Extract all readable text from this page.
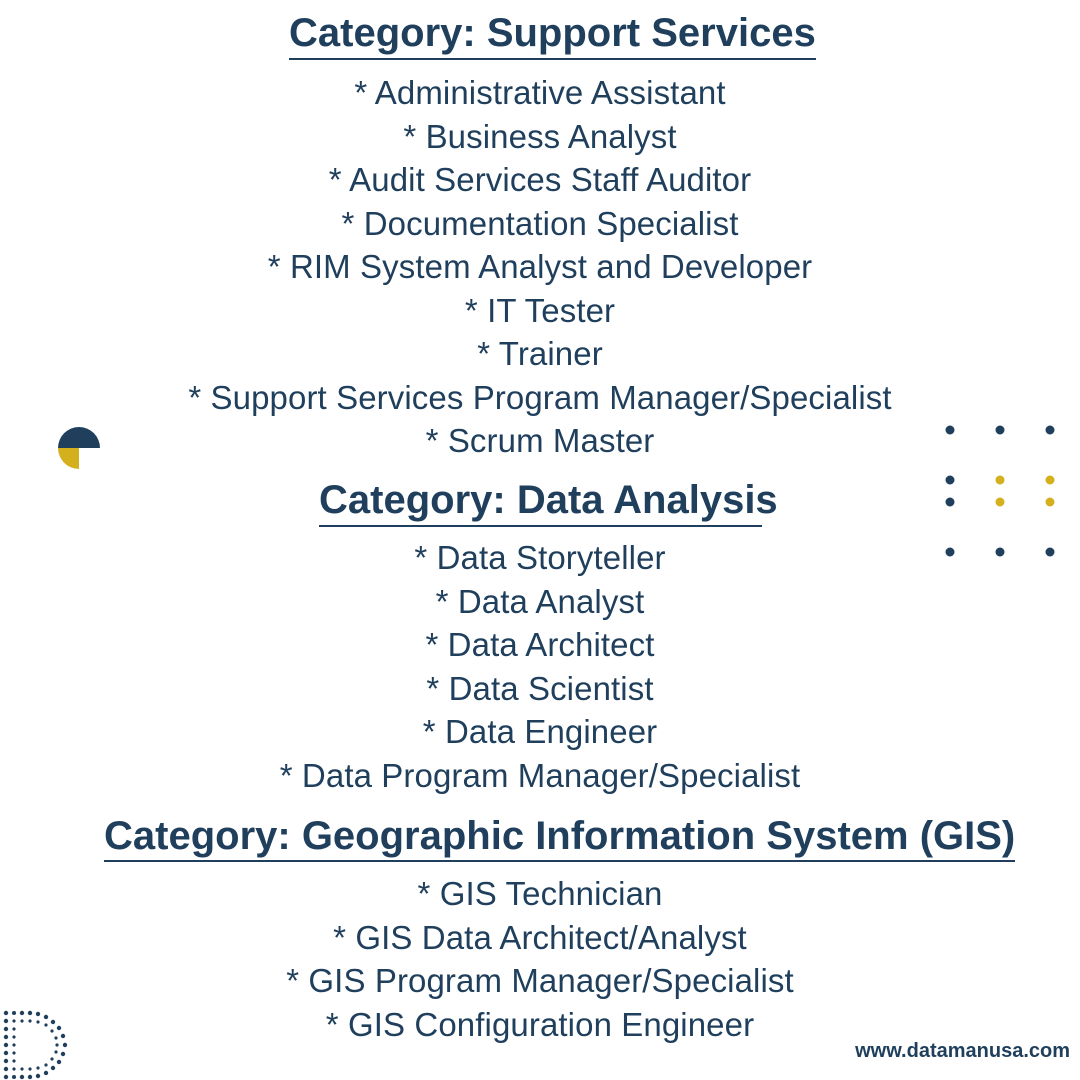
Category: Support Services
* Administrative Assistant
* Business Analyst
* Audit Services Staff Auditor
* Documentation Specialist
* RIM System Analyst and Developer
* IT Tester
* Trainer
* Support Services Program Manager/Specialist
* Scrum Master
Category: Data Analysis
* Data Storyteller
* Data Analyst
* Data Architect
* Data Scientist
* Data Engineer
* Data Program Manager/Specialist
Category: Geographic Information System (GIS)
* GIS Technician
* GIS Data Architect/Analyst
* GIS Program Manager/Specialist
* GIS Configuration Engineer
www.datamanusa.com
